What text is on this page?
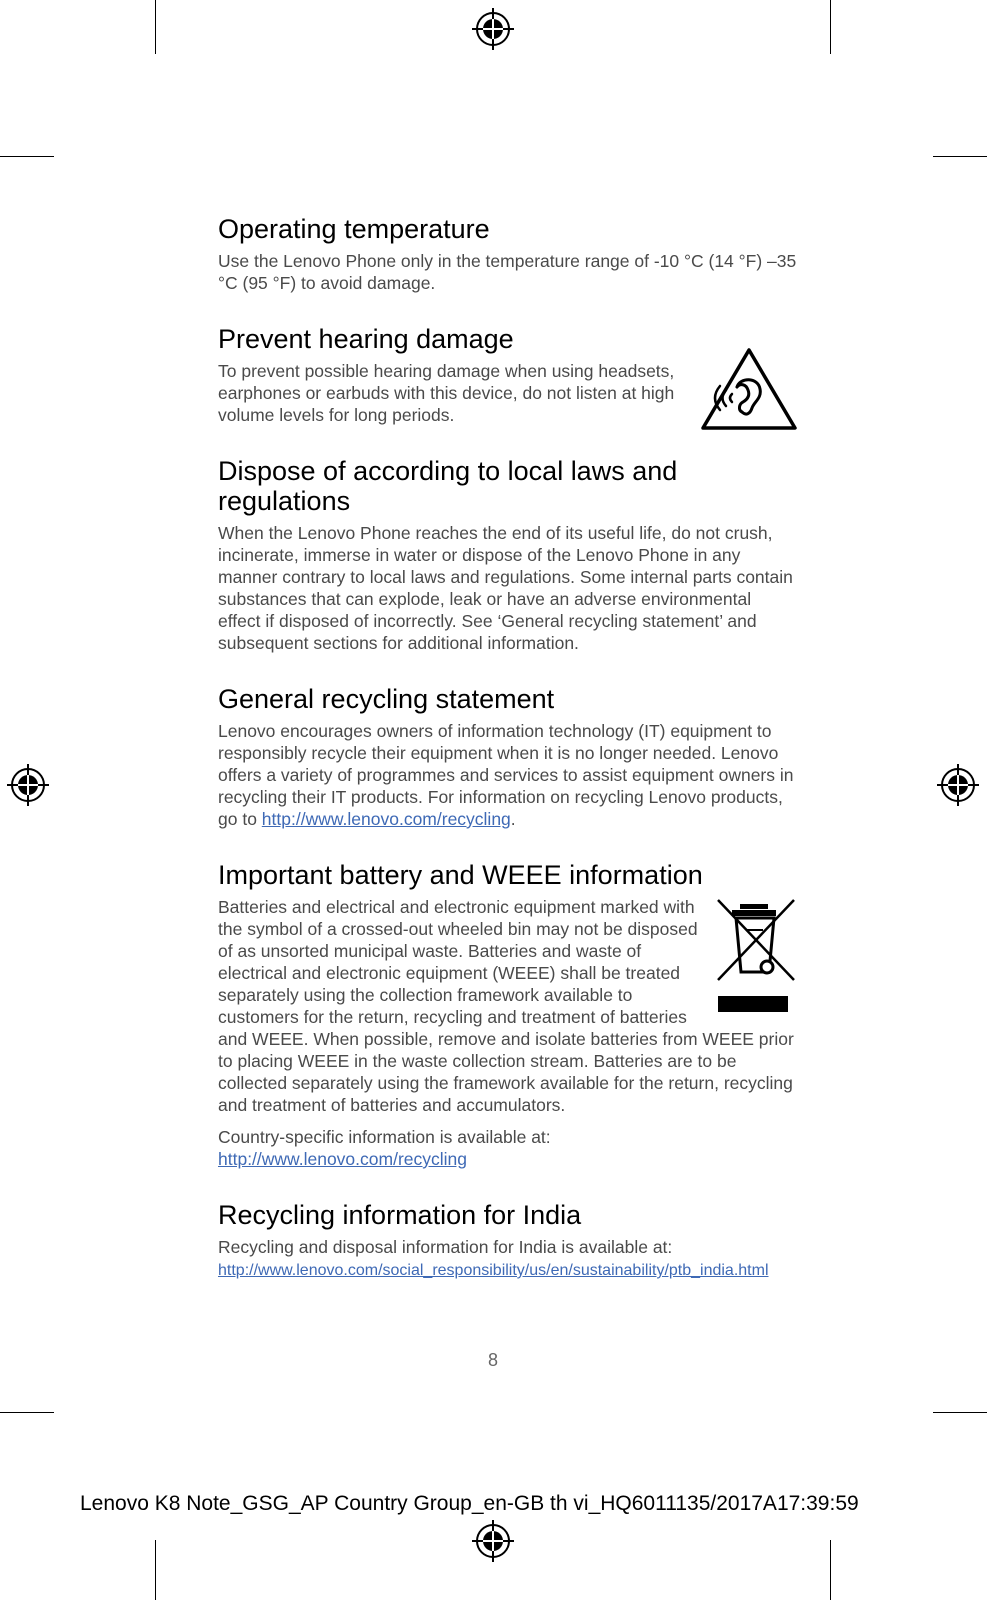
Operating temperature

Use the Lenovo Phone only in the temperature range of -10 °C (14 °F) –35 °C (95 °F) to avoid damage.

Prevent hearing damage

To prevent possible hearing damage when using headsets, earphones or earbuds with this device, do not listen at high volume levels for long periods.

Dispose of according to local laws and regulations

When the Lenovo Phone reaches the end of its useful life, do not crush, incinerate, immerse in water or dispose of the Lenovo Phone in any manner contrary to local laws and regulations. Some internal parts contain substances that can explode, leak or have an adverse environmental effect if disposed of incorrectly. See ‘General recycling statement’ and subsequent sections for additional information.

General recycling statement

Lenovo encourages owners of information technology (IT) equipment to responsibly recycle their equipment when it is no longer needed. Lenovo offers a variety of programmes and services to assist equipment owners in recycling their IT products. For information on recycling Lenovo products, go to http://www.lenovo.com/recycling.

Important battery and WEEE information

Batteries and electrical and electronic equipment marked with the symbol of a crossed-out wheeled bin may not be disposed of as unsorted municipal waste. Batteries and waste of electrical and electronic equipment (WEEE) shall be treated separately using the collection framework available to customers for the return, recycling and treatment of batteries and WEEE. When possible, remove and isolate batteries from WEEE prior to placing WEEE in the waste collection stream. Batteries are to be collected separately using the framework available for the return, recycling and treatment of batteries and accumulators.

Country-specific information is available at:

http://www.lenovo.com/recycling

Recycling information for India

Recycling and disposal information for India is available at:

http://www.lenovo.com/social_responsibility/us/en/sustainability/ptb_india.html

8
Lenovo K8 Note_GSG_AP Country Group_en-GB th vi_HQ6011135/2017A17:39:59
